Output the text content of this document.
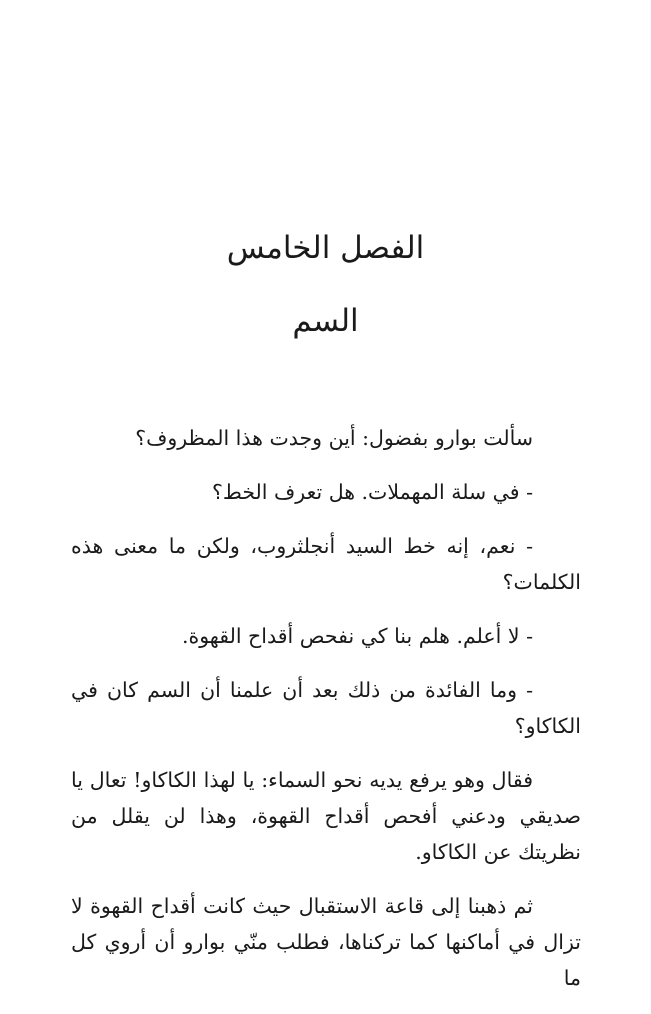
الفصل الخامس
السم

سألت بوارو بفضول: أين وجدت هذا المظروف؟

- في سلة المهملات. هل تعرف الخط؟

- نعم، إنه خط السيد أنجلثروب، ولكن ما معنى هذه الكلمات؟

- لا أعلم. هلم بنا كي نفحص أقداح القهوة.

- وما الفائدة من ذلك بعد أن علمنا أن السم كان في الكاكاو؟

فقال وهو يرفع يديه نحو السماء: يا لهذا الكاكاو! تعال يا صديقي ودعني أفحص أقداح القهوة، وهذا لن يقلل من نظريتك عن الكاكاو.

ثم ذهبنا إلى قاعة الاستقبال حيث كانت أقداح القهوة لا تزال في أماكنها كما تركناها، فطلب منّي بوارو أن أروي كل ما
